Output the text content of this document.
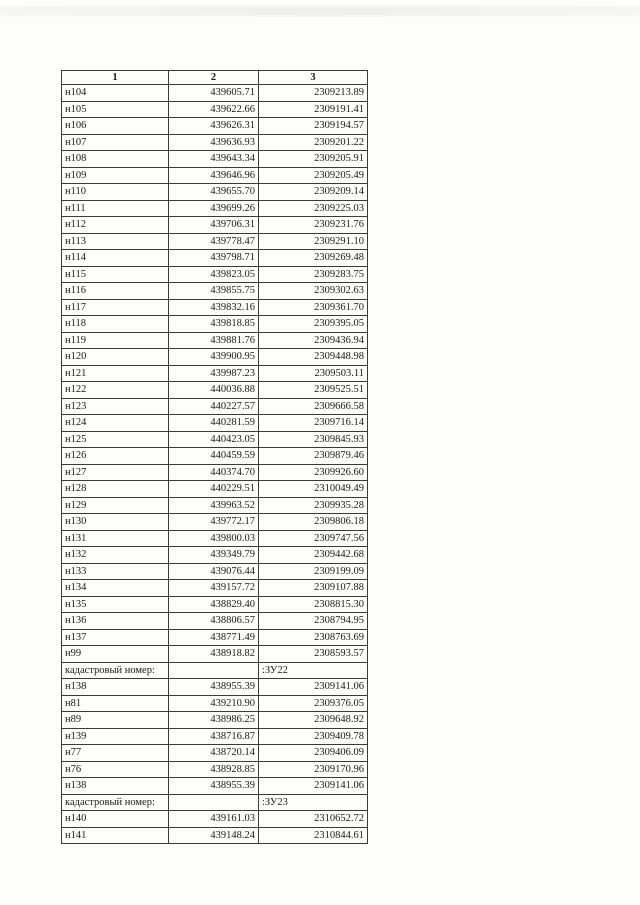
1	2	3
н104	439605.71	2309213.89
н105	439622.66	2309191.41
н106	439626.31	2309194.57
н107	439636.93	2309201.22
н108	439643.34	2309205.91
н109	439646.96	2309205.49
н110	439655.70	2309209.14
н111	439699.26	2309225.03
н112	439706.31	2309231.76
н113	439778.47	2309291.10
н114	439798.71	2309269.48
н115	439823.05	2309283.75
н116	439855.75	2309302.63
н117	439832.16	2309361.70
н118	439818.85	2309395.05
н119	439881.76	2309436.94
н120	439900.95	2309448.98
н121	439987.23	2309503.11
н122	440036.88	2309525.51
н123	440227.57	2309666.58
н124	440281.59	2309716.14
н125	440423.05	2309845.93
н126	440459.59	2309879.46
н127	440374.70	2309926.60
н128	440229.51	2310049.49
н129	439963.52	2309935.28
н130	439772.17	2309806.18
н131	439800.03	2309747.56
н132	439349.79	2309442.68
н133	439076.44	2309199.09
н134	439157.72	2309107.88
н135	438829.40	2308815.30
н136	438806.57	2308794.95
н137	438771.49	2308763.69
н99	438918.82	2308593.57
кадастровый номер:		:ЗУ22
н138	438955.39	2309141.06
н81	439210.90	2309376.05
н89	438986.25	2309648.92
н139	438716.87	2309409.78
н77	438720.14	2309406.09
н76	438928.85	2309170.96
н138	438955.39	2309141.06
кадастровый номер:		:ЗУ23
н140	439161.03	2310652.72
н141	439148.24	2310844.61
